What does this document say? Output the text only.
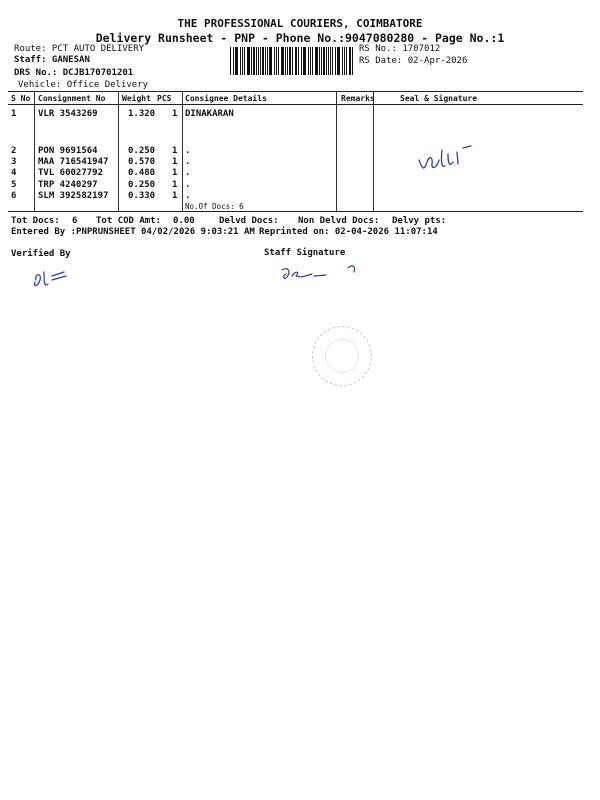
THE PROFESSIONAL COURIERS, COIMBATORE
Delivery Runsheet - PNP - Phone No.:9047080280 - Page No.:1
Route: PCT AUTO DELIVERY
Staff: GANESAN
DRS No.: DCJB170701201
Vehicle: Office Delivery
RS No.: 1707012
RS Date: 02-Apr-2026
S No Consignment No Weight PCS Consignee Details	Remarks	Seal & Signature
1 VLR 3543269	1.320 1 DINAKARAN
2 PON 9691564	0.250 1 .
3 MAA 716541947 0.570 1 .
4 TVL 60027792	0.480 1 .
5 TRP 4240297	0.250 1 .
6 SLM 392582197 0.330 1 .
No.Of Docs: 6
Tot Docs: 6 Tot COD Amt: 0.00	Delvd Docs: Non Delvd Docs: Delvy pts:
Entered By :PNPRUNSHEET 04/02/2026 9:03:21 AM Reprinted on: 02-04-2026 11:07:14
Verified By	Staff Signature
